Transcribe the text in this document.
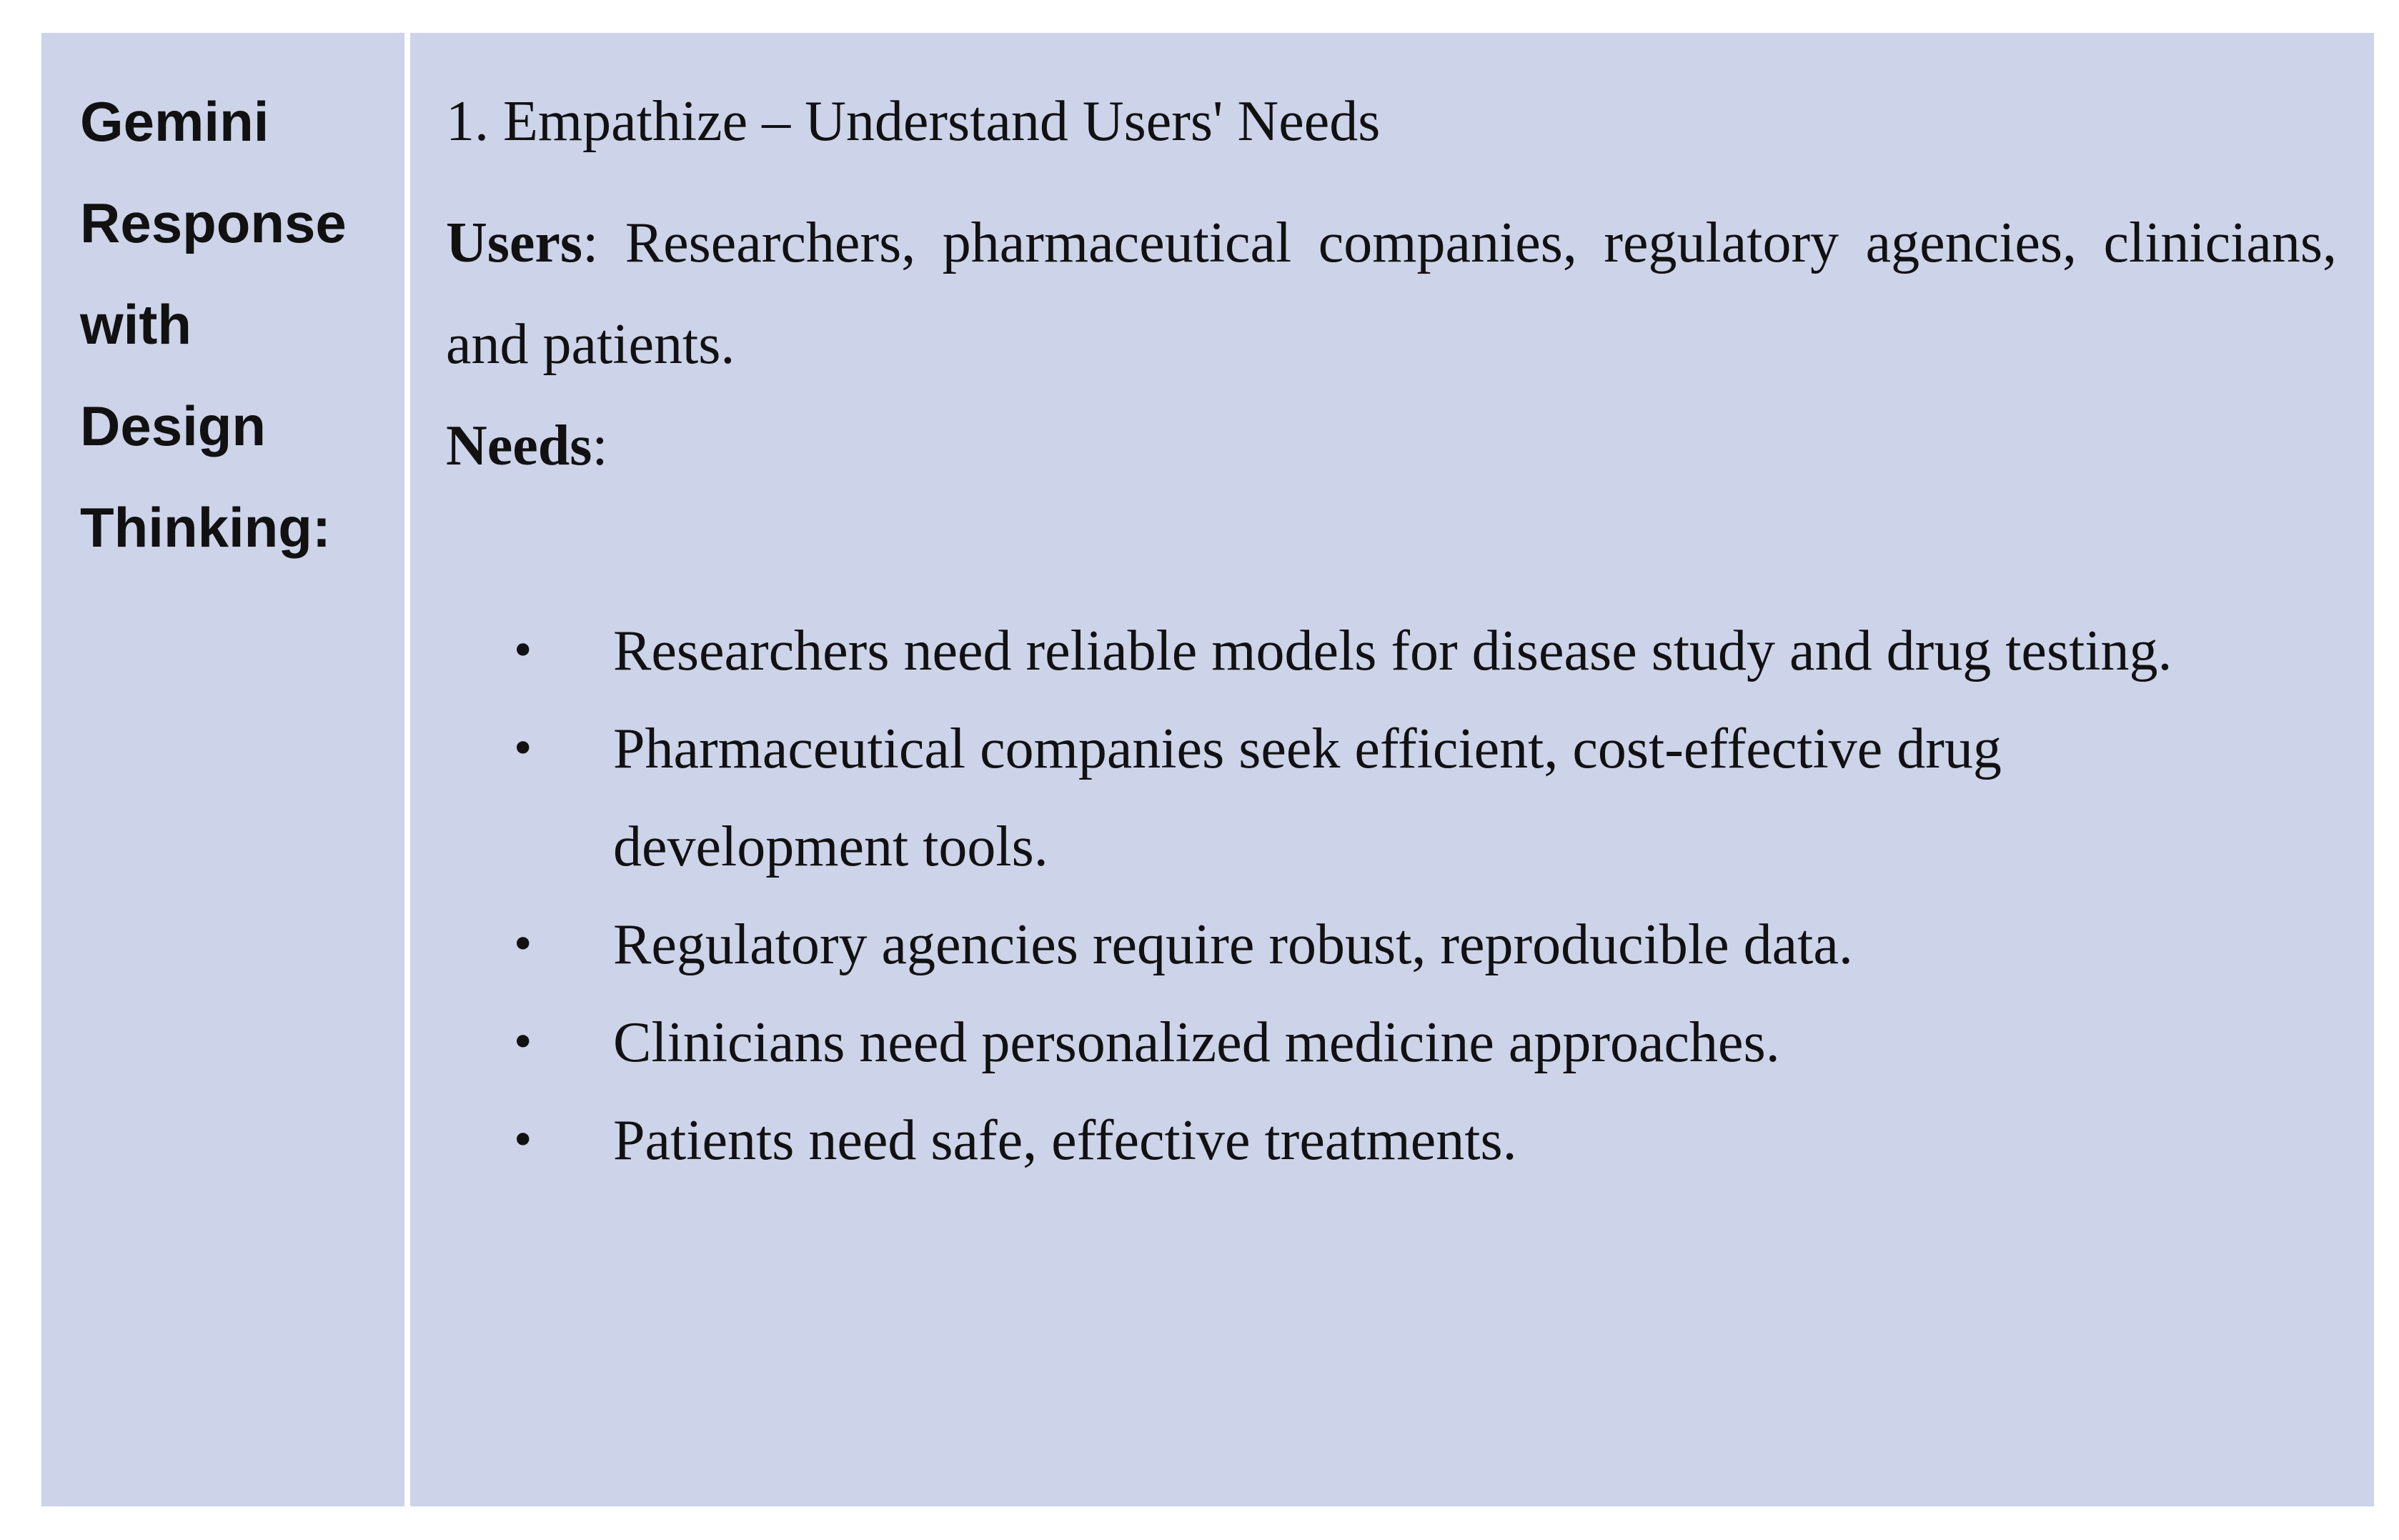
Gemini
Response
with
Design
Thinking:
1. Empathize – Understand Users' Needs
Users: Researchers, pharmaceutical companies, regulatory agencies, clinicians, and patients.
Needs:
• Researchers need reliable models for disease study and drug testing.
• Pharmaceutical companies seek efficient, cost-effective drug development tools.
• Regulatory agencies require robust, reproducible data.
• Clinicians need personalized medicine approaches.
• Patients need safe, effective treatments.
